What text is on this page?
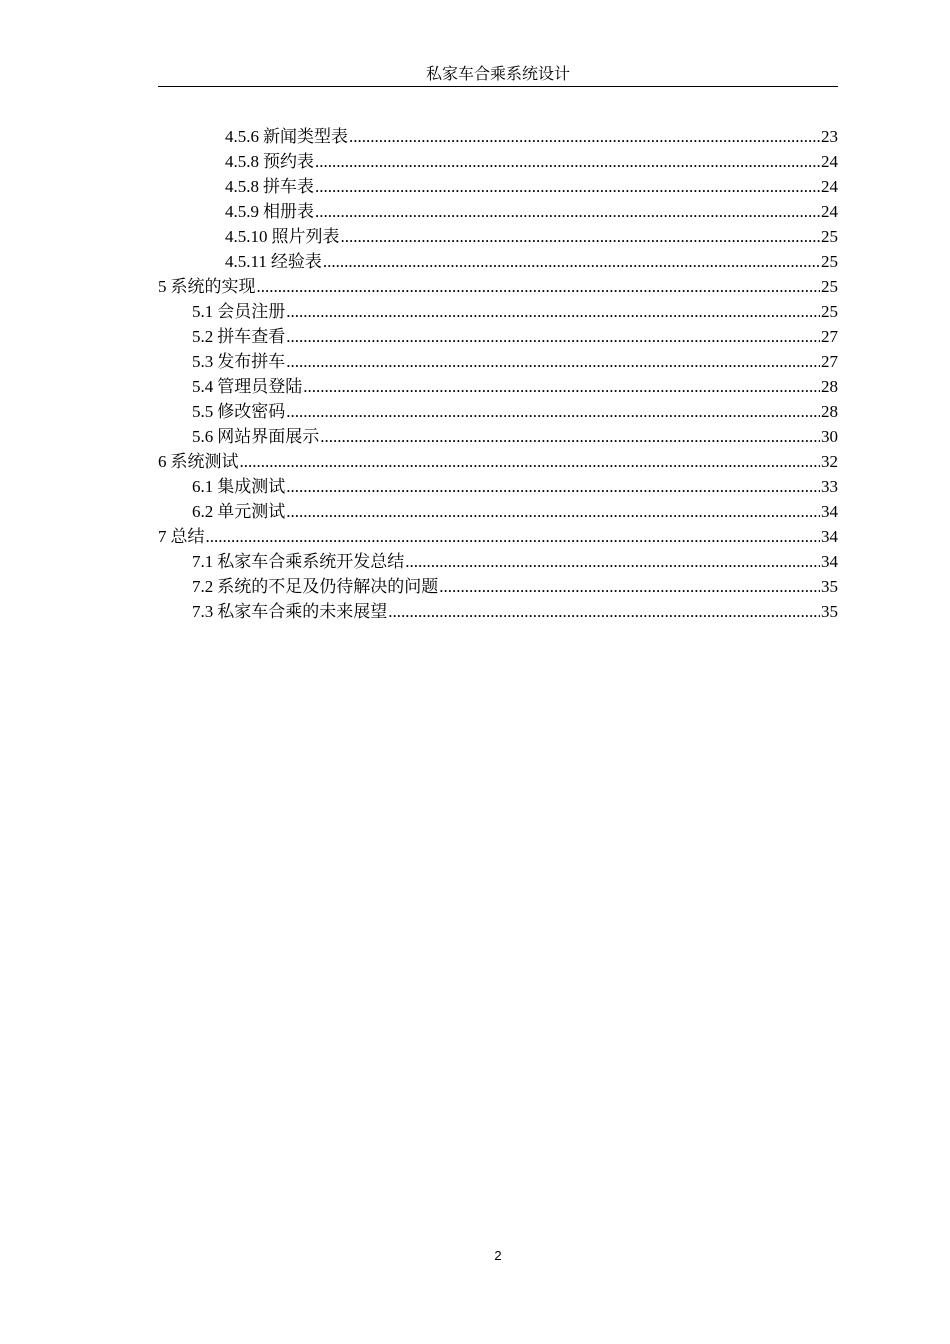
私家车合乘系统设计
4.5.6 新闻类型表 .....	23
4.5.8 预约表 .....	24
4.5.8 拼车表 .....	24
4.5.9 相册表 .....	24
4.5.10 照片列表 .....	25
4.5.11 经验表 .....	25
5 系统的实现 .....	25
5.1 会员注册 .....	25
5.2 拼车查看 .....	27
5.3 发布拼车 .....	27
5.4 管理员登陆 .....	28
5.5 修改密码 .....	28
5.6 网站界面展示 .....	30
6 系统测试 .....	32
6.1 集成测试 .....	33
6.2 单元测试 .....	34
7 总结 .....	34
7.1 私家车合乘系统开发总结 .....	34
7.2 系统的不足及仍待解决的问题 .....	35
7.3 私家车合乘的未来展望 .....	35
2
